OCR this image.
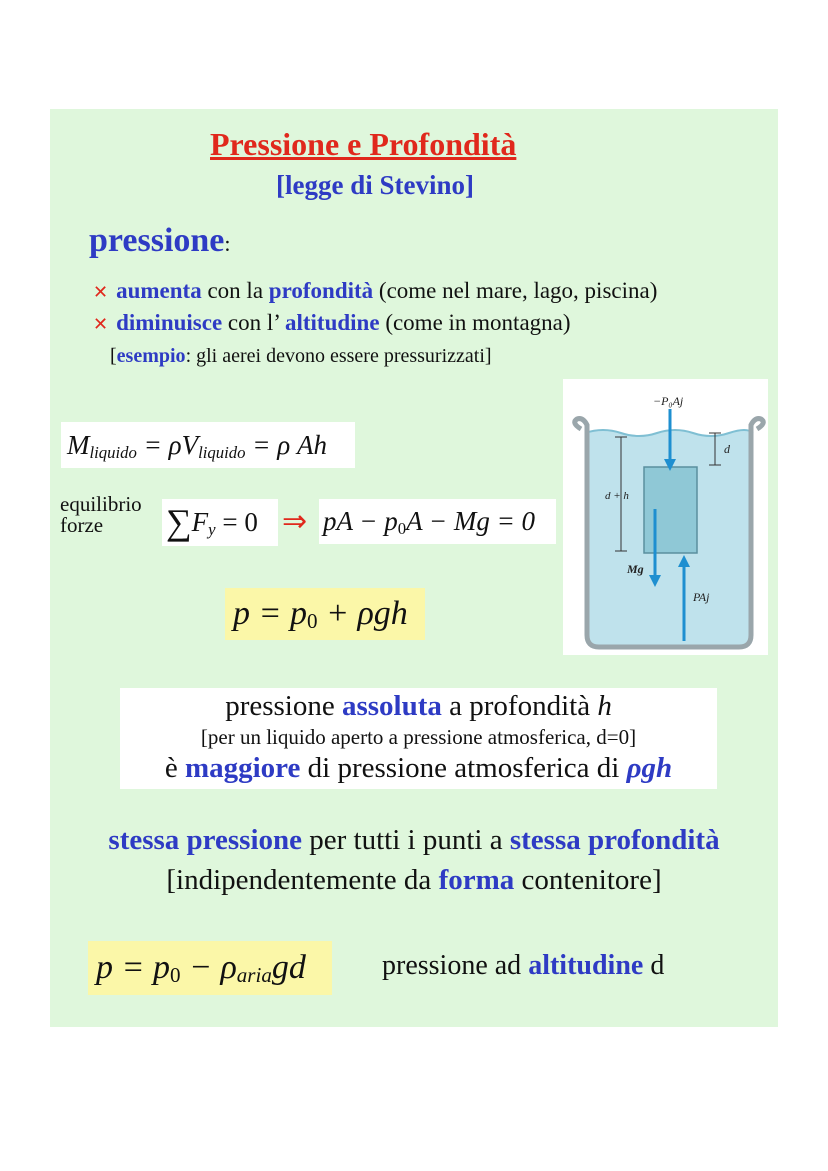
Pressione e Profondità
[legge di Stevino]
pressione:
✕ aumenta con la profondità (come nel mare, lago, piscina)
✕ diminuisce con l’ altitudine (come in montagna)
[esempio: gli aerei devono essere pressurizzati]
$M_{liquido} = \rho V_{liquido} = \rho$ Ah
equilibrio
forze	$\sum F_y = 0$ ⇒ pA − $p_0A - Mg = 0$
$p = p_0 + \rho gh$
−P₀Aj
d
d + h
Mg
PAj
pressione assoluta a profondità h
[per un liquido aperto a pressione atmosferica, d=0]
è maggiore di pressione atmosferica di ρgh
stessa pressione per tutti i punti a stessa profondità
[indipendentemente da forma contenitore]
$p = p_0 - \rho_{aria}gd$	pressione ad altitudine d
